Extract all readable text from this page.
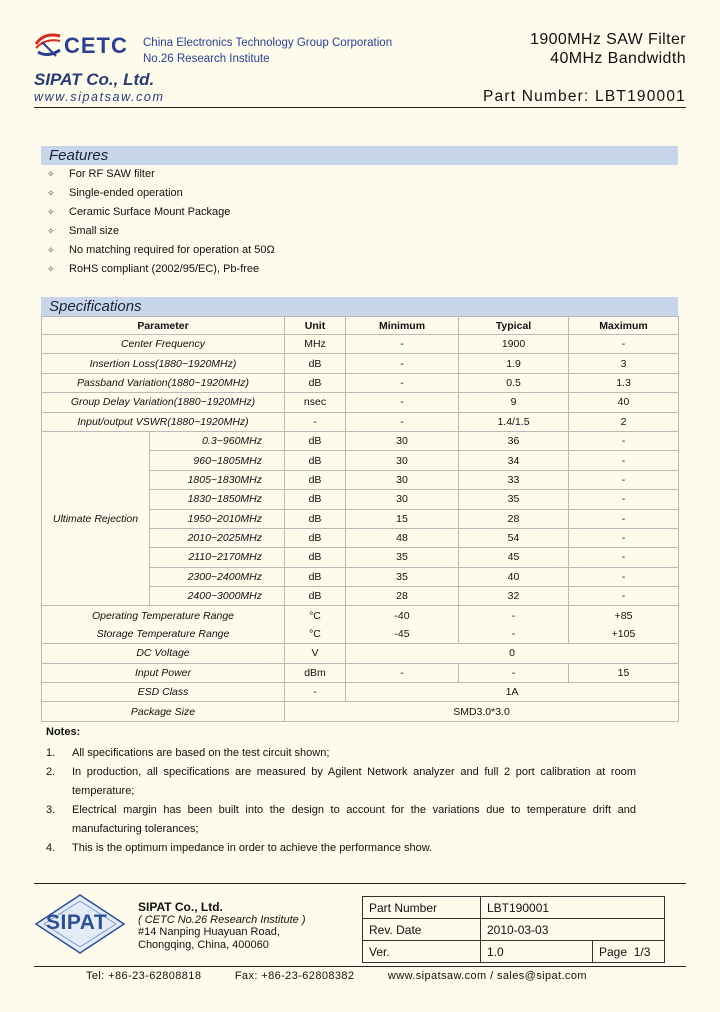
CETC China Electronics Technology Group Corporation
No.26 Research Institute
1900MHz SAW Filter
40MHz Bandwidth
SIPAT Co., Ltd.
www.sipatsaw.com	Part Number: LBT190001
Features
✧ For RF SAW filter
✧ Single-ended operation
✧ Ceramic Surface Mount Package
✧ Small size
✧ No matching required for operation at 50Ω
✧ RoHS compliant (2002/95/EC), Pb-free
Specifications
Parameter		Unit	Minimum	Typical	Maximum
Center Frequency		MHz	-	1900	-
Insertion Loss(1880~1920MHz)		dB	-	1.9	3
Passband Variation(1880~1920MHz)		dB	-	0.5	1.3
Group Delay Variation(1880~1920MHz)		nsec	-	9	40
Input/output VSWR(1880~1920MHz)		-	-	1.4/1.5	2
Ultimate Rejection	0.3~960MHz	dB	30	36	-
	960~1805MHz	dB	30	34	-
	1805~1830MHz	dB	30	33	-
	1830~1850MHz	dB	30	35	-
	1950~2010MHz	dB	15	28	-
	2010~2025MHz	dB	48	54	-
	2110~2170MHz	dB	35	45	-
	2300~2400MHz	dB	35	40	-
	2400~3000MHz	dB	28	32	-
Operating Temperature Range		°C	-40	-	+85
Storage Temperature Range		°C	-45	-	+105
DC Voltage		V	0		
Input Power		dBm	-	-	15
ESD Class		-	1A		
Package Size		SMD3.0*3.0			
Notes:
1. All specifications are based on the test circuit shown;
2. In production, all specifications are measured by Agilent Network analyzer and full 2 port calibration at room temperature;
3. Electrical margin has been built into the design to account for the variations due to temperature drift and manufacturing tolerances;
4. This is the optimum impedance in order to achieve the performance show.
SIPAT
SIPAT Co., Ltd.
( CETC No.26 Research Institute )
#14 Nanping Huayuan Road,
Chongqing, China, 400060
Part Number	LBT190001	
Rev. Date	2010-03-03	
Ver.	1.0	Page 1/3
Tel: +86-23-62808818	Fax: +86-23-62808382	www.sipatsaw.com / sales@sipat.com
